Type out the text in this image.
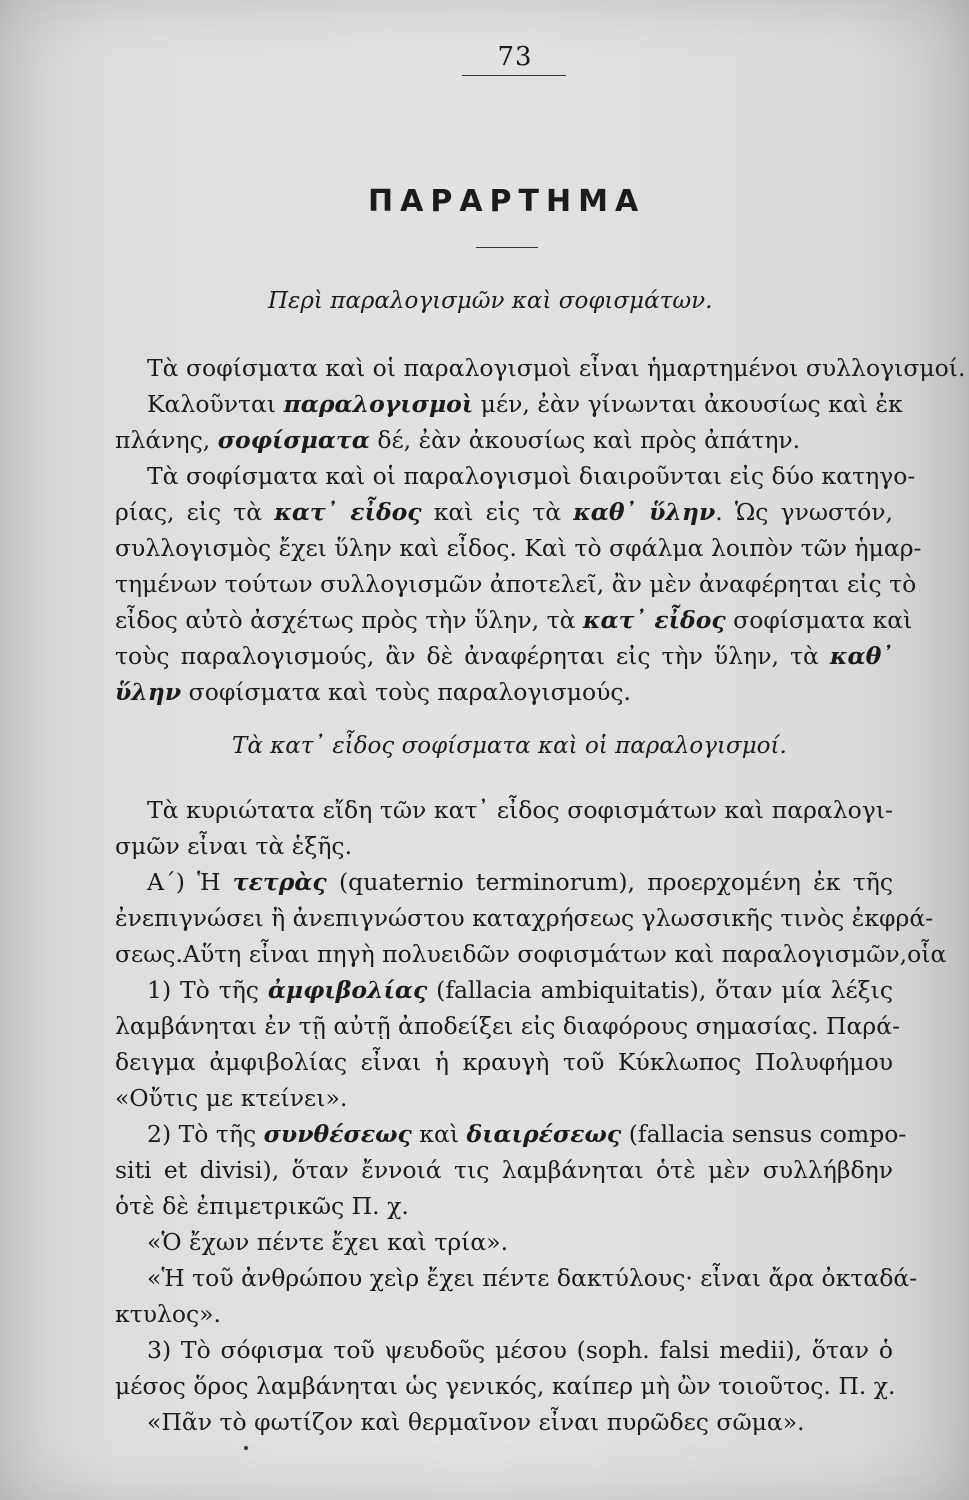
73
ΠΑΡΑΡΤΗΜΑ
Περὶ παραλογισμῶν καὶ σοφισμάτων.
Τὰ σοφίσματα καὶ οἱ παραλογισμοὶ εἶναι ἡμαρτημένοι συλλογισμοί.
Καλοῦνται παραλογισμοὶ μέν, ἐὰν γίνωνται ἀκουσίως καὶ ἐκ
πλάνης, σοφίσματα δέ, ἐὰν ἀκουσίως καὶ πρὸς ἀπάτην.
Τὰ σοφίσματα καὶ οἱ παραλογισμοὶ διαιροῦνται εἰς δύο κατηγο-
ρίας, εἰς τὰ κατ᾽ εἶδος καὶ εἰς τὰ καθ᾽ ὕλην. Ὡς γνωστόν,
συλλογισμὸς ἔχει ὕλην καὶ εἶδος. Καὶ τὸ σφάλμα λοιπὸν τῶν ἡμαρ-
τημένων τούτων συλλογισμῶν ἀποτελεῖ, ἂν μὲν ἀναφέρηται εἰς τὸ
εἶδος αὐτὸ ἀσχέτως πρὸς τὴν ὕλην, τὰ κατ᾽ εἶδος σοφίσματα καὶ
τοὺς παραλογισμούς, ἂν δὲ ἀναφέρηται εἰς τὴν ὕλην, τὰ καθ᾽
ὕλην σοφίσματα καὶ τοὺς παραλογισμούς.
Τὰ κατ᾽ εἶδος σοφίσματα καὶ οἱ παραλογισμοί.
Τὰ κυριώτατα εἴδη τῶν κατ᾽ εἶδος σοφισμάτων καὶ παραλογι-
σμῶν εἶναι τὰ ἑξῆς.
Α΄) Ἡ τετρὰς (quaternio terminorum), προερχομένη ἐκ τῆς
ἐνεπιγνώσει ἢ ἀνεπιγνώστου καταχρήσεως γλωσσικῆς τινὸς ἐκφρά-
σεως.Αὕτη εἶναι πηγὴ πολυειδῶν σοφισμάτων καὶ παραλογισμῶν,οἷα
1) Τὸ τῆς ἀμφιβολίας (fallacia ambiquitatis), ὅταν μία λέξις
λαμβάνηται ἐν τῇ αὐτῇ ἀποδείξει εἰς διαφόρους σημασίας. Παρά-
δειγμα ἀμφιβολίας εἶναι ἡ κραυγὴ τοῦ Κύκλωπος Πολυφήμου
«Οὔτις με κτείνει».
2) Τὸ τῆς συνθέσεως καὶ διαιρέσεως (fallacia sensus compo-
siti et divisi), ὅταν ἔννοιά τις λαμβάνηται ὁτὲ μὲν συλλήβδην
ὁτὲ δὲ ἐπιμετρικῶς Π. χ.
«Ὁ ἔχων πέντε ἔχει καὶ τρία».
«Ἡ τοῦ ἀνθρώπου χεὶρ ἔχει πέντε δακτύλους· εἶναι ἄρα ὀκταδά-
κτυλος».
3) Τὸ σόφισμα τοῦ ψευδοῦς μέσου (soph. falsi medii), ὅταν ὁ
μέσος ὅρος λαμβάνηται ὡς γενικός, καίπερ μὴ ὢν τοιοῦτος. Π. χ.
«Πᾶν τὸ φωτίζον καὶ θερμαῖνον εἶναι πυρῶδες σῶμα».
